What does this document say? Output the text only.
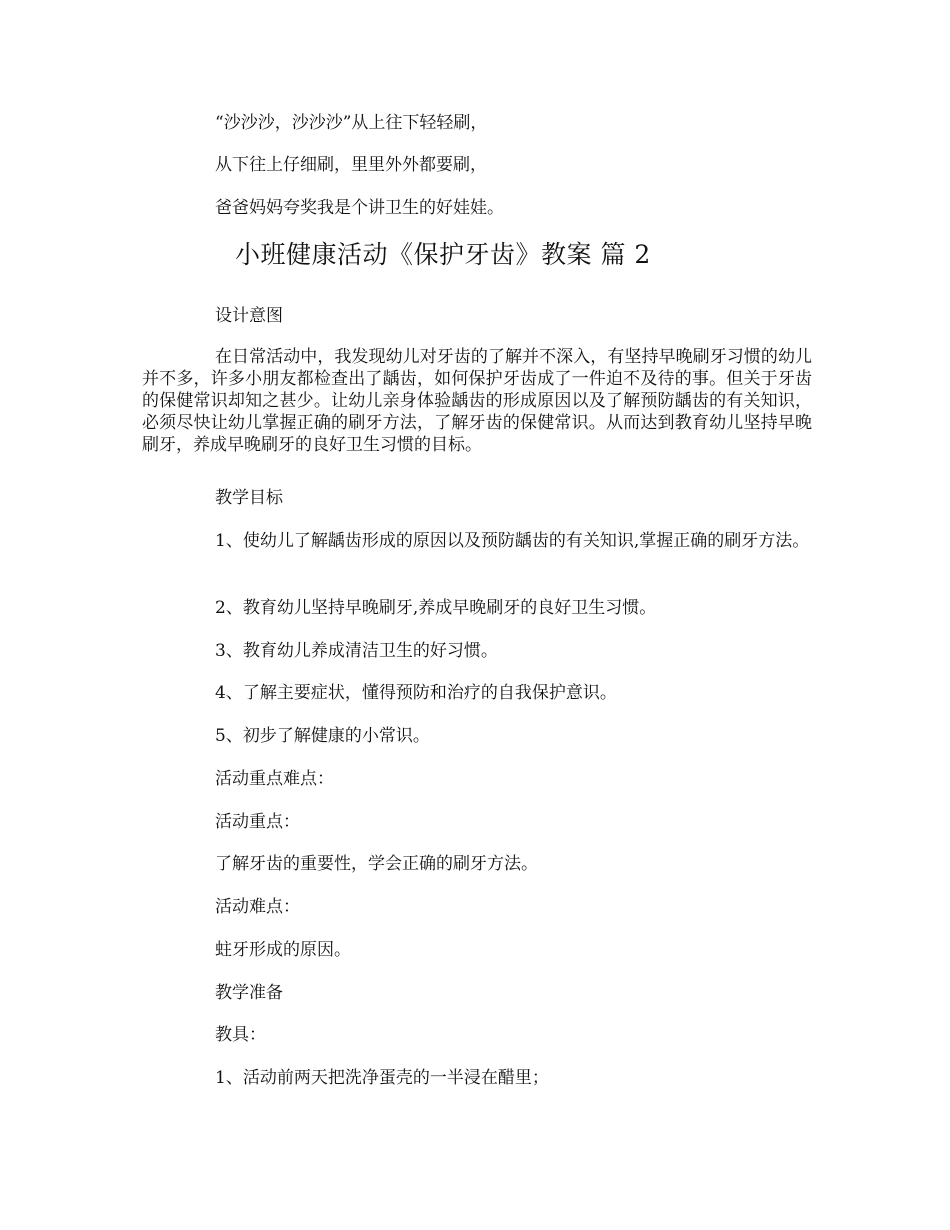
“沙沙沙，沙沙沙”从上往下轻轻刷，
从下往上仔细刷，里里外外都要刷，
爸爸妈妈夸奖我是个讲卫生的好娃娃。
小班健康活动《保护牙齿》教案 篇 2
设计意图
在日常活动中，我发现幼儿对牙齿的了解并不深入，有坚持早晚刷牙习惯的幼儿并不多，许多小朋友都检查出了龋齿，如何保护牙齿成了一件迫不及待的事。但关于牙齿的保健常识却知之甚少。让幼儿亲身体验龋齿的形成原因以及了解预防龋齿的有关知识，必须尽快让幼儿掌握正确的刷牙方法，了解牙齿的保健常识。从而达到教育幼儿坚持早晚刷牙，养成早晚刷牙的良好卫生习惯的目标。
教学目标
1、使幼儿了解龋齿形成的原因以及预防龋齿的有关知识,掌握正确的刷牙方法。
2、教育幼儿坚持早晚刷牙,养成早晚刷牙的良好卫生习惯。
3、教育幼儿养成清洁卫生的好习惯。
4、了解主要症状，懂得预防和治疗的自我保护意识。
5、初步了解健康的小常识。
活动重点难点：
活动重点：
了解牙齿的重要性，学会正确的刷牙方法。
活动难点：
蛀牙形成的原因。
教学准备
教具：
1、活动前两天把洗净蛋壳的一半浸在醋里；
